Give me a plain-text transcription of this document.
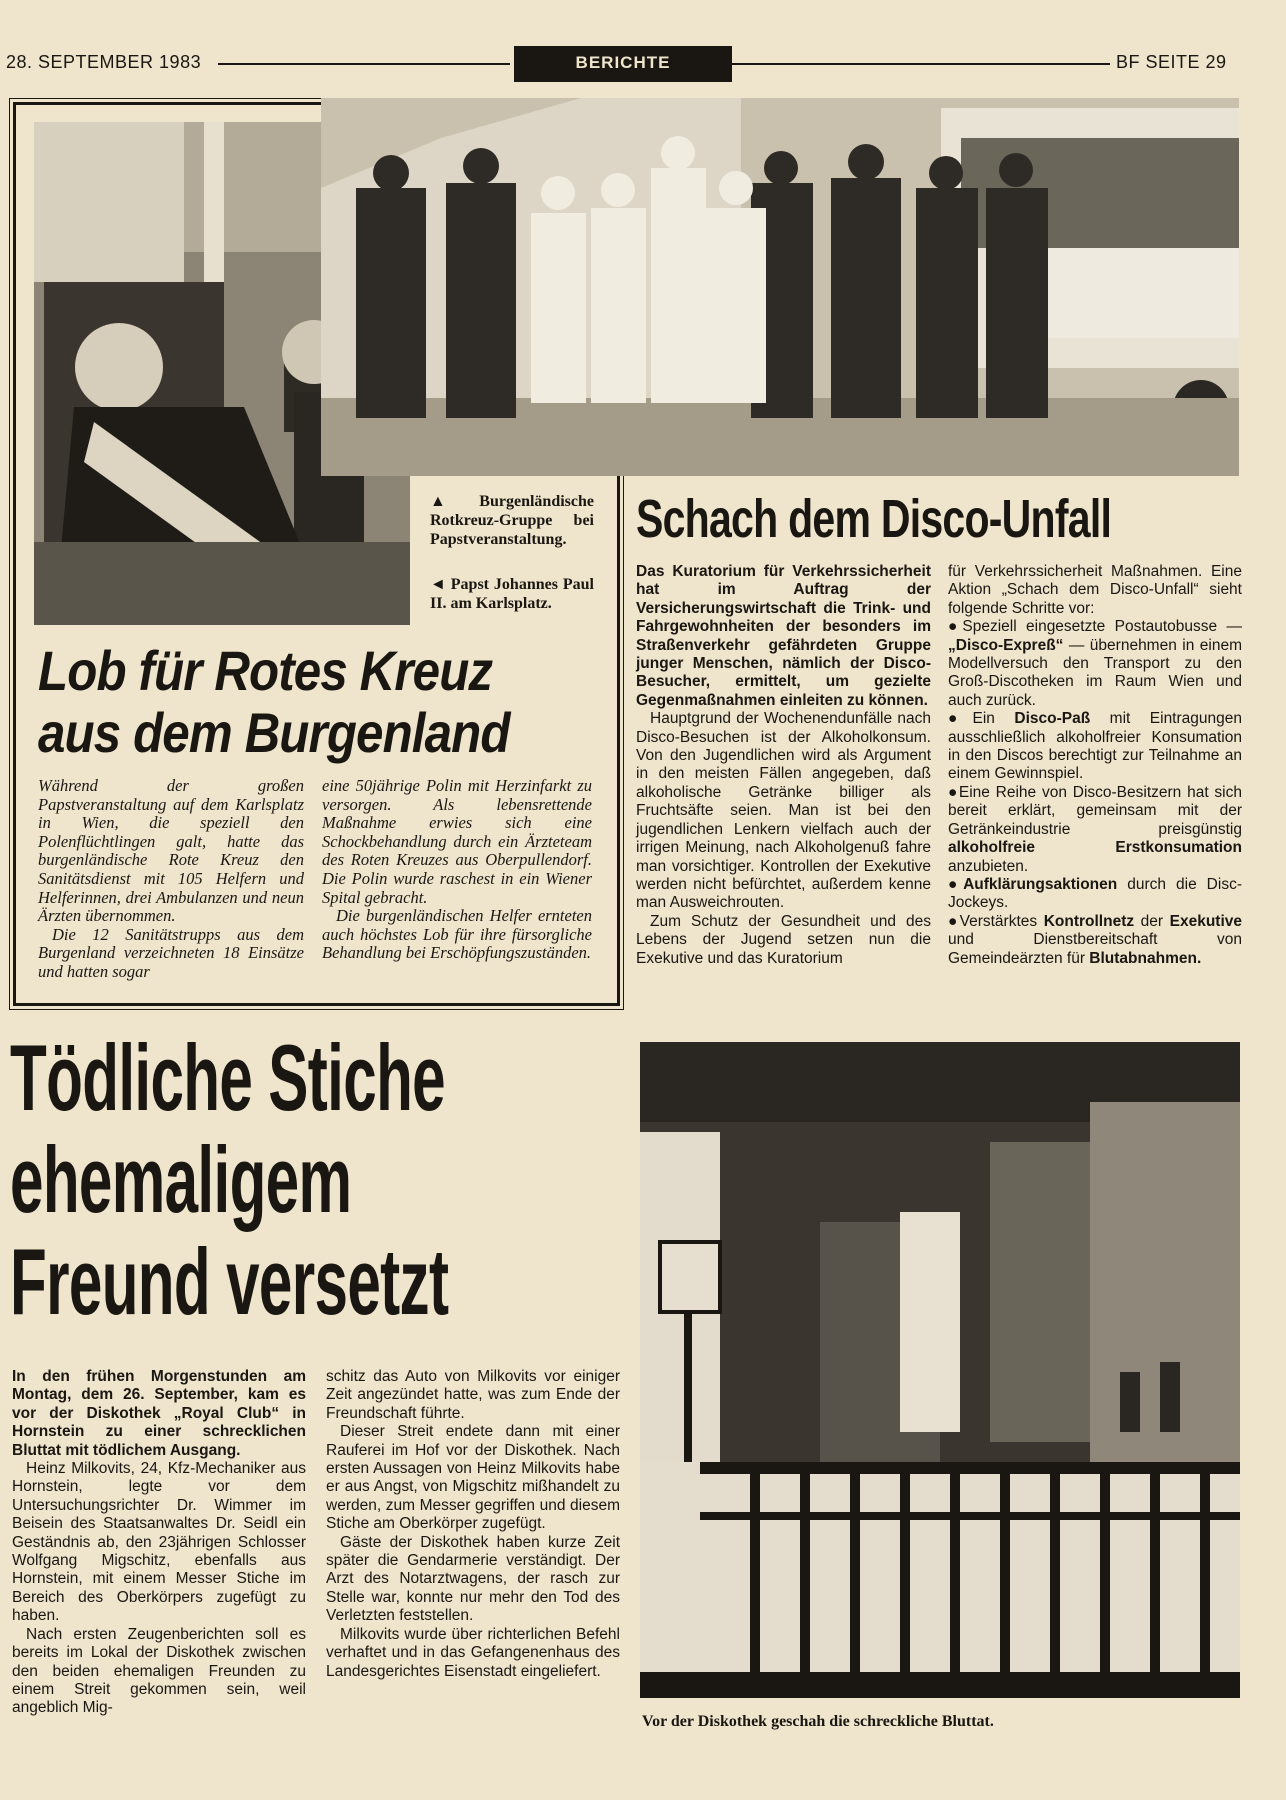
28. SEPTEMBER 1983	BERICHTE	BF SEITE 29
▲ Burgenländische Rotkreuz-Gruppe bei Papstveranstaltung.
◄ Papst Johannes Paul II. am Karlsplatz.
Lob für Rotes Kreuz
aus dem Burgenland

Während der großen Papstveranstaltung auf dem Karlsplatz in Wien, die speziell den Polenflüchtlingen galt, hatte das burgenländische Rote Kreuz den Sanitätsdienst mit 105 Helfern und Helferinnen, drei Ambulanzen und neun Ärzten übernommen.

Die 12 Sanitätstrupps aus dem Burgenland verzeichneten 18 Einsätze und hatten sogar

eine 50jährige Polin mit Herzinfarkt zu versorgen. Als lebensrettende Maßnahme erwies sich eine Schockbehandlung durch ein Ärzteteam des Roten Kreuzes aus Oberpullendorf. Die Polin wurde raschest in ein Wiener Spital gebracht.

Die burgenländischen Helfer ernteten auch höchstes Lob für ihre fürsorgliche Behandlung bei Erschöpfungszuständen.

Schach dem Disco-Unfall

Das Kuratorium für Verkehrssicherheit hat im Auftrag der Versicherungswirtschaft die Trink- und Fahrgewohnheiten der besonders im Straßenverkehr gefährdeten Gruppe junger Menschen, nämlich der Disco-Besucher, ermittelt, um gezielte Gegenmaßnahmen einleiten zu können.

Hauptgrund der Wochenendunfälle nach Disco-Besuchen ist der Alkoholkonsum. Von den Jugendlichen wird als Argument in den meisten Fällen angegeben, daß alkoholische Getränke billiger als Fruchtsäfte seien. Man ist bei den jugendlichen Lenkern vielfach auch der irrigen Meinung, nach Alkoholgenuß fahre man vorsichtiger. Kontrollen der Exekutive werden nicht befürchtet, außerdem kenne man Ausweichrouten.

Zum Schutz der Gesundheit und des Lebens der Jugend setzen nun die Exekutive und das Kuratorium

für Verkehrssicherheit Maßnahmen. Eine Aktion „Schach dem Disco-Unfall“ sieht folgende Schritte vor:

●Speziell eingesetzte Postautobusse — „Disco-Expreß“ — übernehmen in einem Modellversuch den Transport zu den Groß-Discotheken im Raum Wien und auch zurück.

●Ein Disco-Paß mit Eintragungen ausschließlich alkoholfreier Konsumation in den Discos berechtigt zur Teilnahme an einem Gewinnspiel.

●Eine Reihe von Disco-Besitzern hat sich bereit erklärt, gemeinsam mit der Getränkeindustrie preisgünstig alkoholfreie Erstkonsumation anzubieten.

●Aufklärungsaktionen durch die Disc-Jockeys.

●Verstärktes Kontrollnetz der Exekutive und Dienstbereitschaft von Gemeindeärzten für Blutabnahmen.

Tödliche Stiche
ehemaligem
Freund versetzt

In den frühen Morgenstunden am Montag, dem 26. September, kam es vor der Diskothek „Royal Club“ in Hornstein zu einer schrecklichen Bluttat mit tödlichem Ausgang.

Heinz Milkovits, 24, Kfz-Mechaniker aus Hornstein, legte vor dem Untersuchungsrichter Dr. Wimmer im Beisein des Staatsanwaltes Dr. Seidl ein Geständnis ab, den 23jährigen Schlosser Wolfgang Migschitz, ebenfalls aus Hornstein, mit einem Messer Stiche im Bereich des Oberkörpers zugefügt zu haben.

Nach ersten Zeugenberichten soll es bereits im Lokal der Diskothek zwischen den beiden ehemaligen Freunden zu einem Streit gekommen sein, weil angeblich Mig-

schitz das Auto von Milkovits vor einiger Zeit angezündet hatte, was zum Ende der Freundschaft führte.

Dieser Streit endete dann mit einer Rauferei im Hof vor der Diskothek. Nach ersten Aussagen von Heinz Milkovits habe er aus Angst, von Migschitz mißhandelt zu werden, zum Messer gegriffen und diesem Stiche am Oberkörper zugefügt.

Gäste der Diskothek haben kurze Zeit später die Gendarmerie verständigt. Der Arzt des Notarztwagens, der rasch zur Stelle war, konnte nur mehr den Tod des Verletzten feststellen.

Milkovits wurde über richterlichen Befehl verhaftet und in das Gefangenenhaus des Landesgerichtes Eisenstadt eingeliefert.

Vor der Diskothek geschah die schreckliche Bluttat.
